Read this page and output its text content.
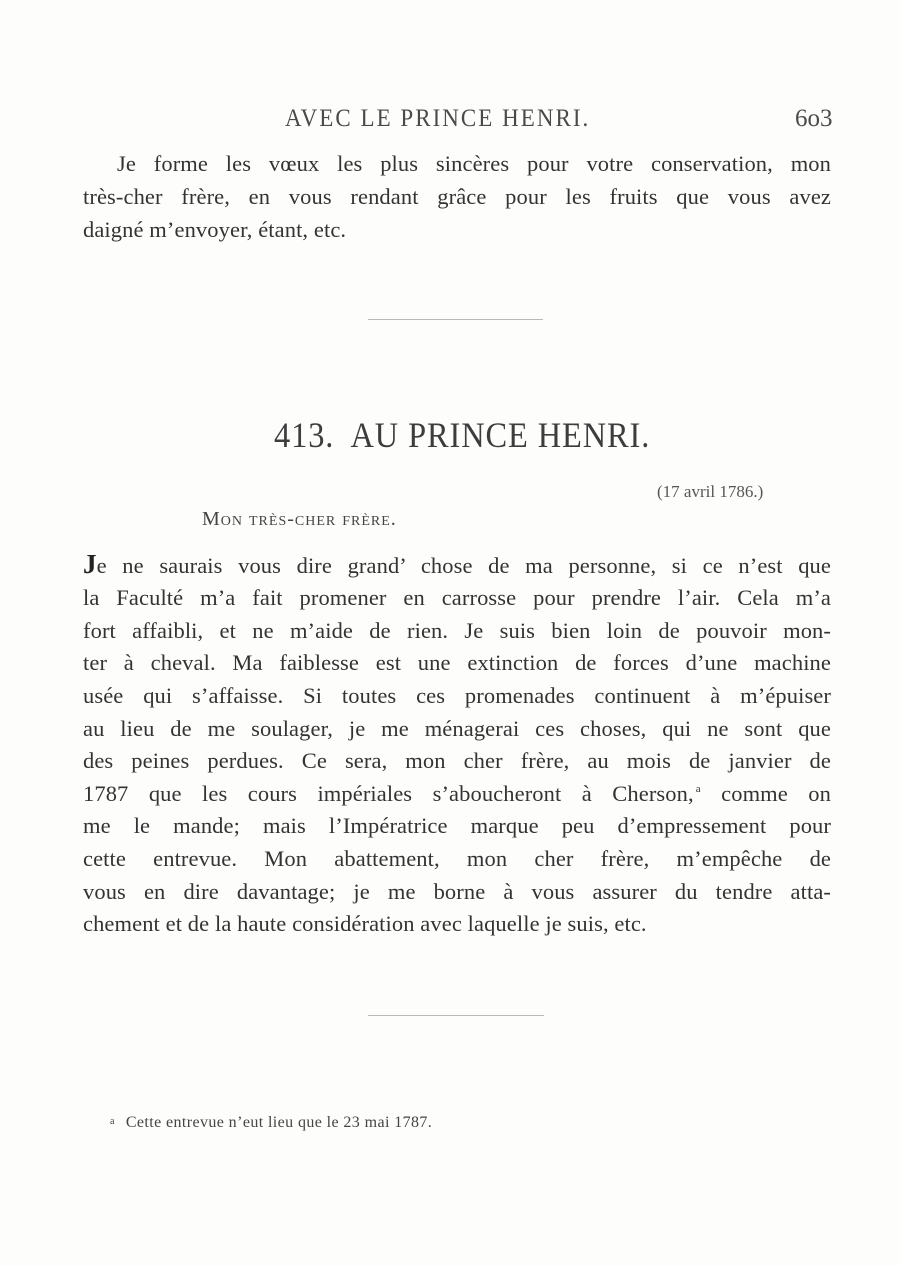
AVEC LE PRINCE HENRI.	6o3
Je forme les vœux les plus sincères pour votre conservation, mon
très-cher frère, en vous rendant grâce pour les fruits que vous avez
daigné m’envoyer, étant, etc.
413. AU PRINCE HENRI.
(17 avril 1786.)
Mon très-cher frère.
Je ne saurais vous dire grand’ chose de ma personne, si ce n’est que
la Faculté m’a fait promener en carrosse pour prendre l’air. Cela m’a
fort affaibli, et ne m’aide de rien. Je suis bien loin de pouvoir mon-
ter à cheval. Ma faiblesse est une extinction de forces d’une machine
usée qui s’affaisse. Si toutes ces promenades continuent à m’épuiser
au lieu de me soulager, je me ménagerai ces choses, qui ne sont que
des peines perdues. Ce sera, mon cher frère, au mois de janvier de
1787 que les cours impériales s’aboucheront à Cherson, $^a$ comme on
me le mande; mais l’Impératrice marque peu d’empressement pour
cette entrevue. Mon abattement, mon cher frère, m’empêche de
vous en dire davantage; je me borne à vous assurer du tendre atta-
chement et de la haute considération avec laquelle je suis, etc.
a Cette entrevue n’eut lieu que le 23 mai 1787.
